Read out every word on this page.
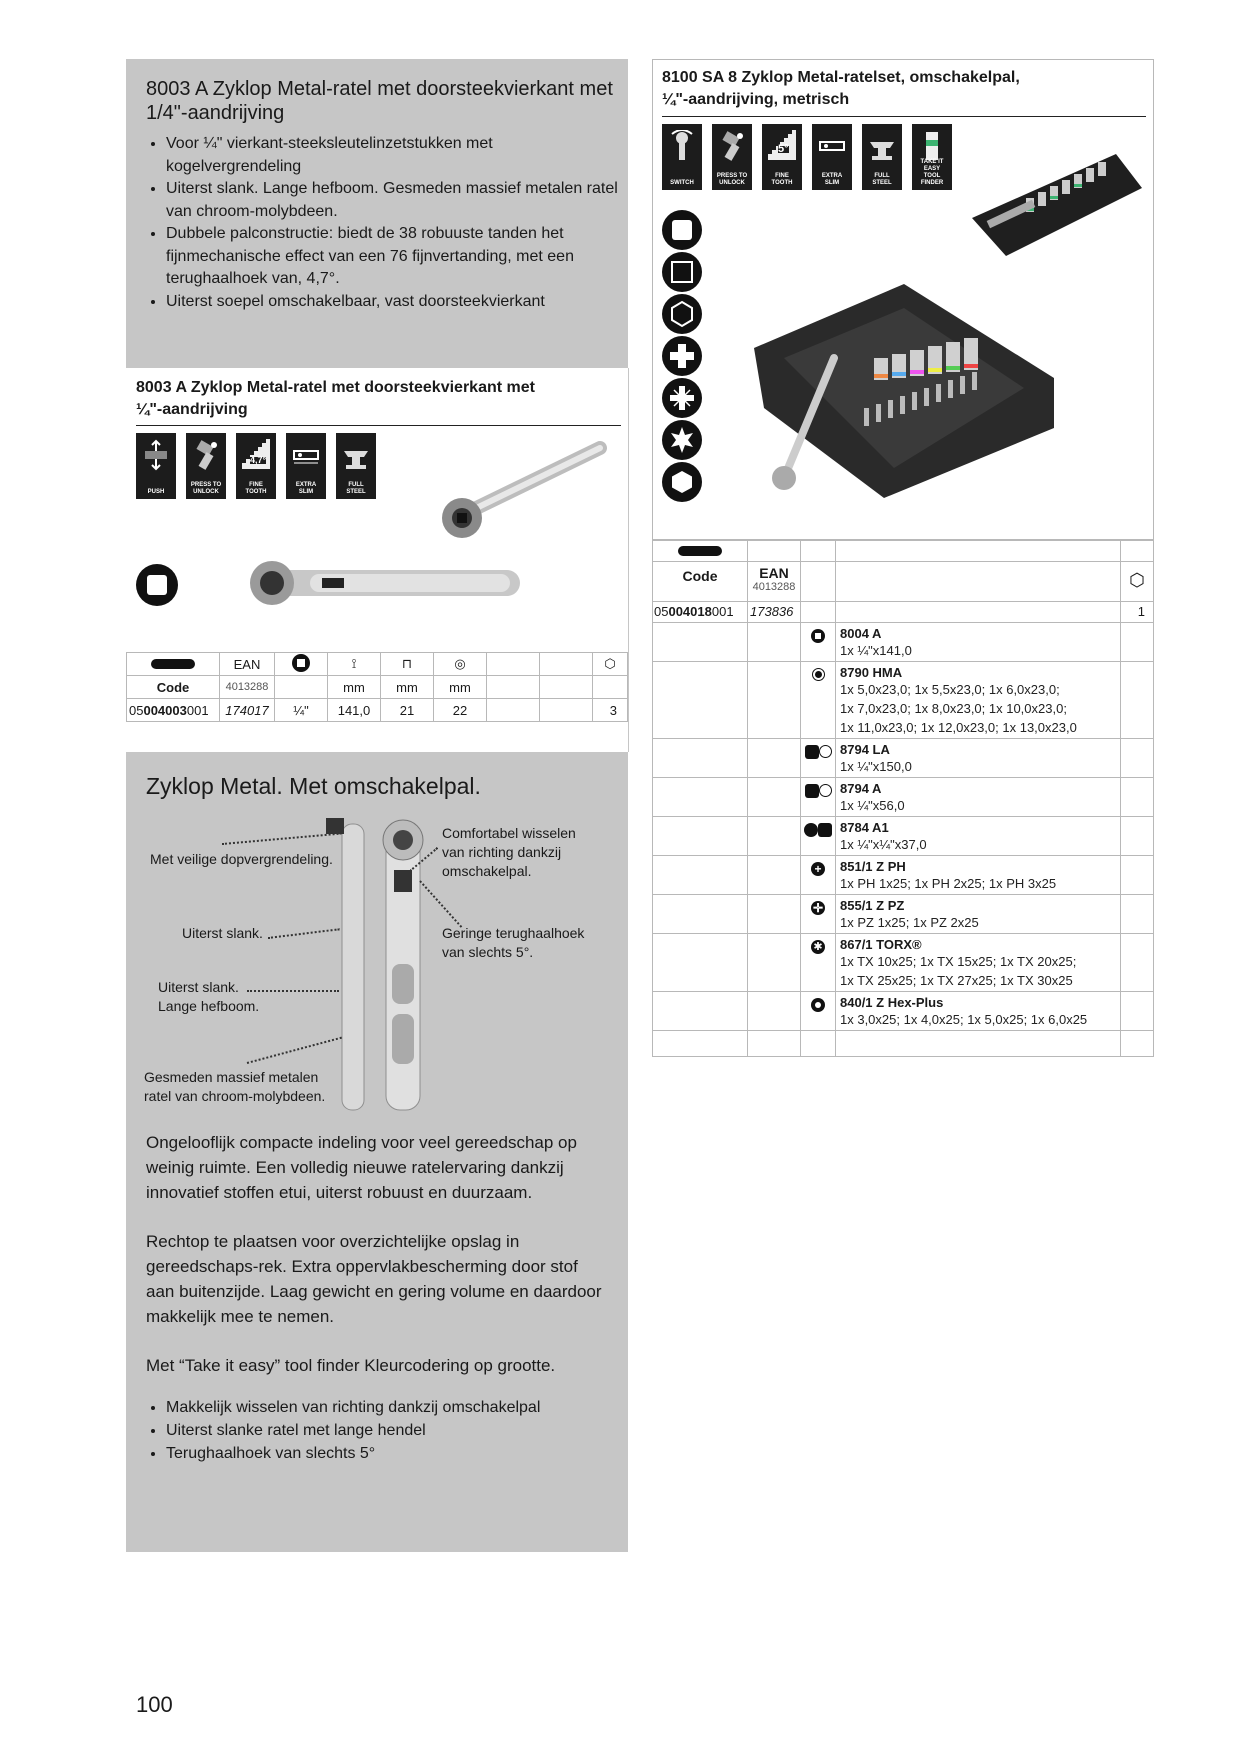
8003 A Zyklop Metal-ratel met doorsteekvierkant met
1/4"-aandrijving
• Voor ¼" vierkant-steeksleutelinzetstukken met kogelvergrendeling
• Uiterst slank. Lange hefboom. Gesmeden massief metalen ratel van chroom-molybdeen.
• Dubbele palconstructie: biedt de 38 robuuste tanden het fijnmechanische effect van een 76 fijnvertanding, met een terughaalhoek van, 4,7°.
• Uiterst soepel omschakelbaar, vast doorsteekvierkant
8003 A Zyklop Metal-ratel met doorsteekvierkant met
¼"-aandrijving
PUSH
PRESS TO
UNLOCK
4,7°
FINE
TOOTH
EXTRA
SLIM
FULL
STEEL
	EAN		⟟	⊓	◎			⬡
Code	4013288		mm	mm	mm			
05004003001	174017	¼"	141,0	21	22			3
Zyklop Metal. Met omschakelpal.
Met veilige dopvergrendeling.
Uiterst slank.
Uiterst slank.
Lange hefboom.
Gesmeden massief metalen
ratel van chroom-molybdeen.
Comfortabel wisselen
van richting dankzij
omschakelpal.
Geringe terughaalhoek
van slechts 5°.

Ongelooflijk compacte indeling voor veel gereedschap op weinig ruimte. Een volledig nieuwe ratelervaring dankzij innovatief stoffen etui, uiterst robuust en duurzaam.

Rechtop te plaatsen voor overzichtelijke opslag in gereedschaps-rek. Extra oppervlakbescherming door stof aan buitenzijde. Laag gewicht en gering volume en daardoor makkelijk mee te nemen.

Met “Take it easy” tool finder Kleurcodering op grootte.

• Makkelijk wisselen van richting dankzij omschakelpal
• Uiterst slanke ratel met lange hendel
• Terughaalhoek van slechts 5°
8100 SA 8 Zyklop Metal-ratelset, omschakelpal,
¼"-aandrijving, metrisch
SWITCH
PRESS TO
UNLOCK
5°
FINE
TOOTH
EXTRA
SLIM
FULL
STEEL
TAKE IT EASY
TOOL FINDER

Code	EAN
4013288			⬡

05004018001	173836			1

			8004 A
1x ¼"x141,0	

			8790 HMA
1x 5,0x23,0; 1x 5,5x23,0; 1x 6,0x23,0;
1x 7,0x23,0; 1x 8,0x23,0; 1x 10,0x23,0;
1x 11,0x23,0; 1x 12,0x23,0; 1x 13,0x23,0	

			8794 LA
1x ¼"x150,0	

			8794 A
1x ¼"x56,0	

			8784 A1
1x ¼"x¼"x37,0	

		+	851/1 Z PH
1x PH 1x25; 1x PH 2x25; 1x PH 3x25	

		✛	855/1 Z PZ
1x PZ 1x25; 1x PZ 2x25	

		✱	867/1 TORX®
1x TX 10x25; 1x TX 15x25; 1x TX 20x25;
1x TX 25x25; 1x TX 27x25; 1x TX 30x25	

			840/1 Z Hex-Plus
1x 3,0x25; 1x 4,0x25; 1x 5,0x25; 1x 6,0x25	

100
